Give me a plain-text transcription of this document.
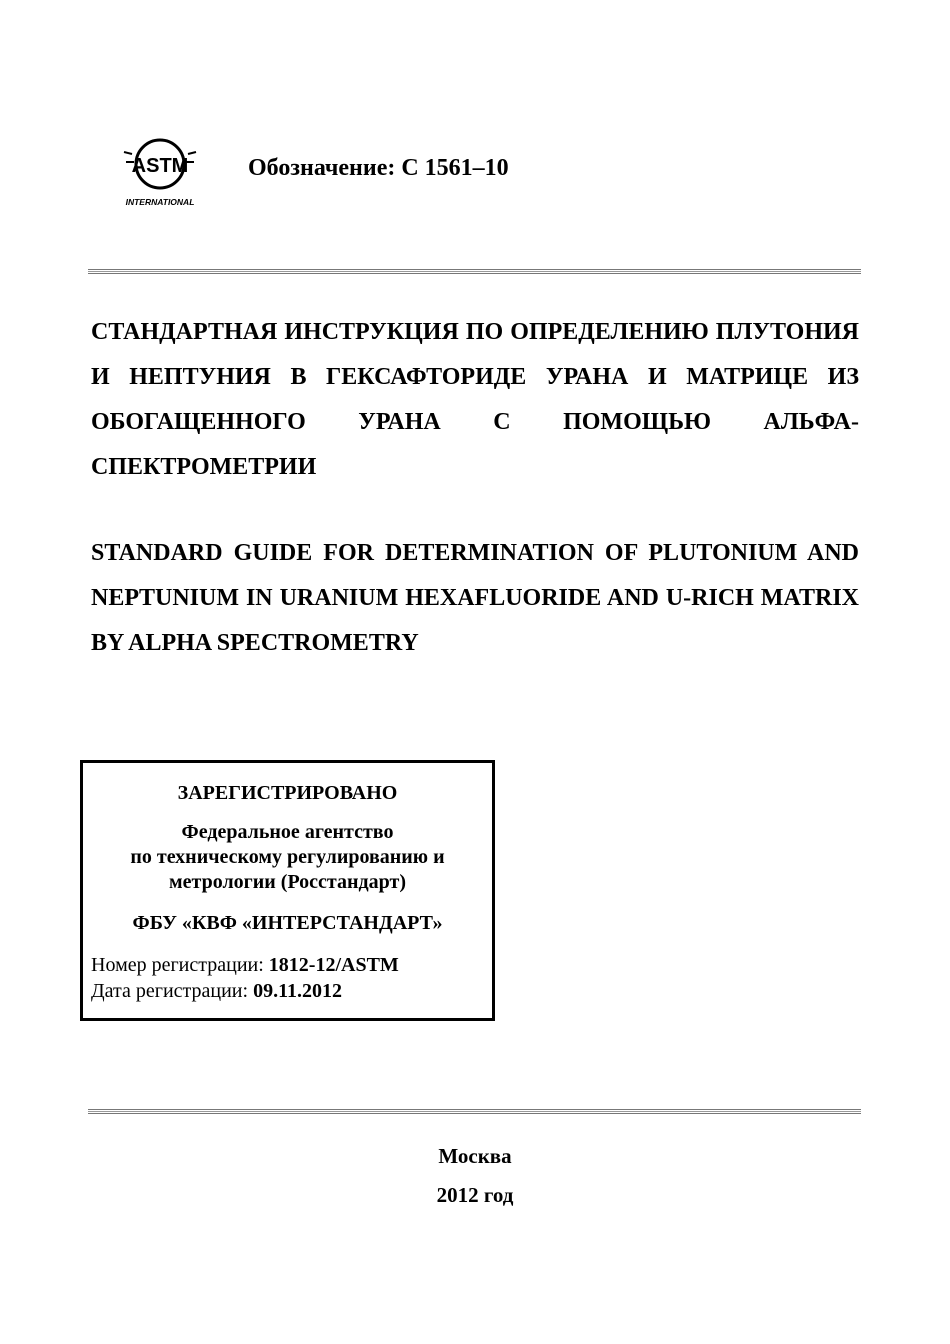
ASTM
INTERNATIONAL
Обозначение: C 1561–10
СТАНДАРТНАЯ ИНСТРУКЦИЯ ПО ОПРЕДЕЛЕНИЮ ПЛУТОНИЯ И НЕПТУНИЯ В ГЕКСАФТОРИДЕ УРАНА И МАТРИЦЕ ИЗ ОБОГАЩЕННОГО УРАНА С ПОМОЩЬЮ АЛЬФА-СПЕКТРОМЕТРИИ
STANDARD GUIDE FOR DETERMINATION OF PLUTONIUM AND NEPTUNIUM IN URANIUM HEXAFLUORIDE AND U-RICH MATRIX BY ALPHA SPECTROMETRY
ЗАРЕГИСТРИРОВАНО
Федеральное агентство
по техническому регулированию и
метрологии (Росстандарт)
ФБУ «КВФ «ИНТЕРСТАНДАРТ»
Номер регистрации: 1812-12/ASTM
Дата регистрации: 09.11.2012
Москва
2012 год
